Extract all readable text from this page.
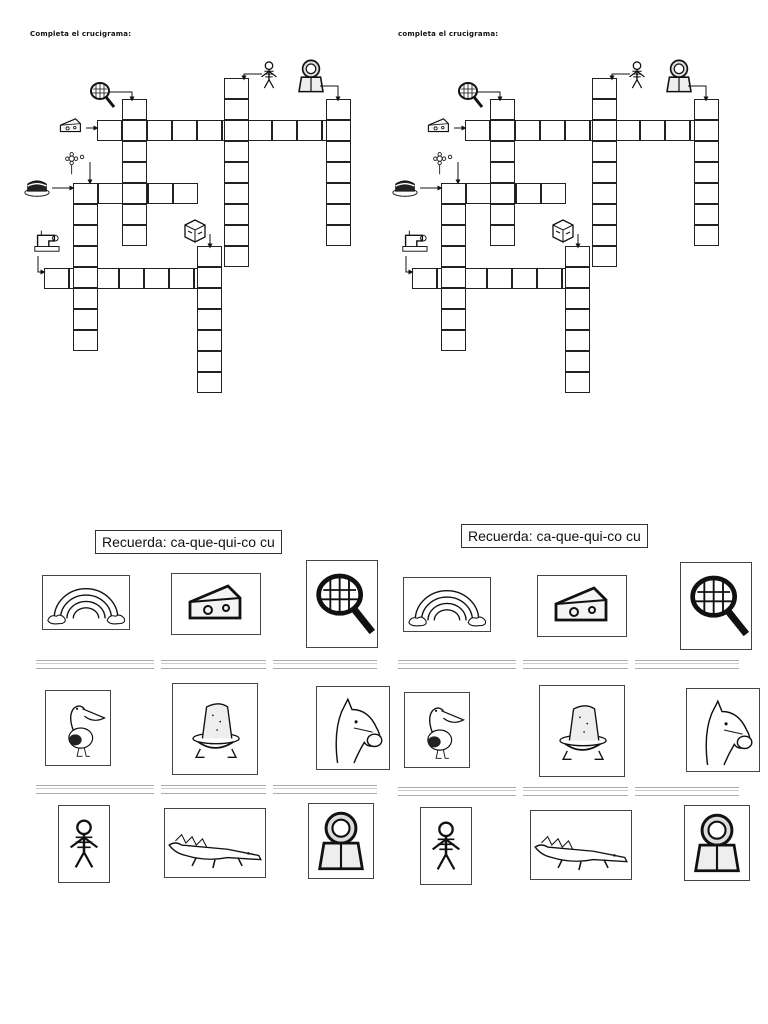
Completa el crucigrama:	completa el crucigrama:
Recuerda: ca-que-qui-co cu	Recuerda: ca-que-qui-co cu
